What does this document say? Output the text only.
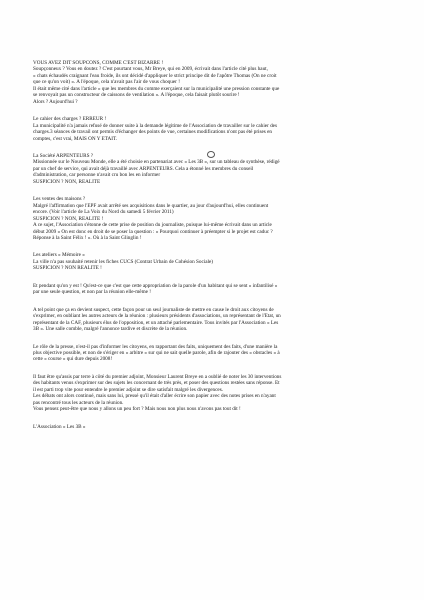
VOUS AVEZ DIT SOUPCONS, COMME C'EST BIZARRE !
Soupçonneux ? Vous en doutez ? C'est pourtant vous, Mr Breye, qui en 2009, écrivait dans l'article cité plus haut,
« chats échaudés craignant l'eau froide, ils ont décidé d'appliquer le strict principe dit de l'apôtre Thomas (On ne croit
que ce qu'on voit) ». A l'époque, cela n'avait pas l'air de vous choquer !
Il était même cité dans l'article « que les membres du comme exerçaient sur la municipalité une pression constante que
se renvoyait pas un constructeur de caissons de ventilation ». A l'époque, cela faisait plutôt sourire !
Alors ? Aujourd'hui ?
Le cahier des charges ? ERREUR !
La municipalité n'a jamais refusé de donner suite à la demande légitime de l'Association de travailler sur le cahier des
charges.3 séances de travail ont permis d'échanger des points de vue, certaines modifications n'ont pas été prises en
comptes, c'est vrai, MAIS ON Y ETAIT.
La Société ARPENTEURS ?
Missionnée sur le Nouveau Monde, elle a été choisie en partenariat avec « Les 3B », sur un tableau de synthèse, rédigé
par un chef de service, qui avait déjà travaillé avec ARPENTEURS. Cela a étonné les membres du conseil
d'administration, car personne n'avait cru bon les en informer
SUSPICION ? NON, REALITE
Les ventes des maisons ?
Malgré l'affirmation que l'EPF avait arrêté ses acquisitions dans le quartier, au jour d'aujourd'hui, elles continuent
encore. (Voir l'article de La Voix du Nord du samedi 5 février 2011)
SUSPICION ? NON, REALITE !
A ce sujet, l'Association s'étonne de cette prise de position du journaliste, puisque lui-même écrivait dans un article
début 2009 « On est donc en droit de se poser la question : « Pourquoi continuer à préempter si le projet est caduc ?
Réponse à la Saint Félix ! ». Où à la Saint Glinglin !
Les ateliers « Mémoire »
La ville n'a pas souhaité retenir les fiches CUCS (Contrat Urbain de Cohésion Sociale)
SUSPICION ? NON REALITE !
Et pendant qu'on y est ! Qu'est-ce que c'est que cette appropriation de la parole d'un habitant qui se sent « infantilisé »
par une seule question, et non par la réunion elle-même !
A tel point que ça en devient suspect, cette façon pour un seul journaliste de mettre en cause le droit aux citoyens de
s'exprimer, en oubliant les autres acteurs de la réunion : plusieurs présidents d'associations, un représentant de l'Etat, un
représentant de la CAF, plusieurs élus de l'opposition, et un attaché parlementaire. Tous invités par l'Association « Les
3B ». Une salle comble, malgré l'annonce tardive et discrète de la réunion.
Le rôle de la presse, n'est-il pas d'informer les citoyens, en rapportant des faits, uniquement des faits, d'une manière la
plus objective possible, et non de s'ériger en « arbitre » sur qui ne sait quelle parole, afin de rajouter des « obstacles » à
cette « course » qui dure depuis 2008!
Il faut être qu'assis par terre à côté du premier adjoint, Monsieur Laurent Breye en a oublié de noter les 30 interventions
des habitants venus s'exprimer sur des sujets les concernant de très près, et poser des questions restées sans réponse. Et
il est parti trop vite pour entendre le premier adjoint se dire satisfait malgré les divergences.
Les débats ont alors continué, mais sans lui, pressé qu'il était d'aller écrire son papier avec des notes prises en n'ayant
pas rencontré tous les acteurs de la réunion.
Vous pensez peut-être que nous y allons un peu fort ? Mais nous non plus nous n'avons pas tout dit !
L'Association « Les 3B »
